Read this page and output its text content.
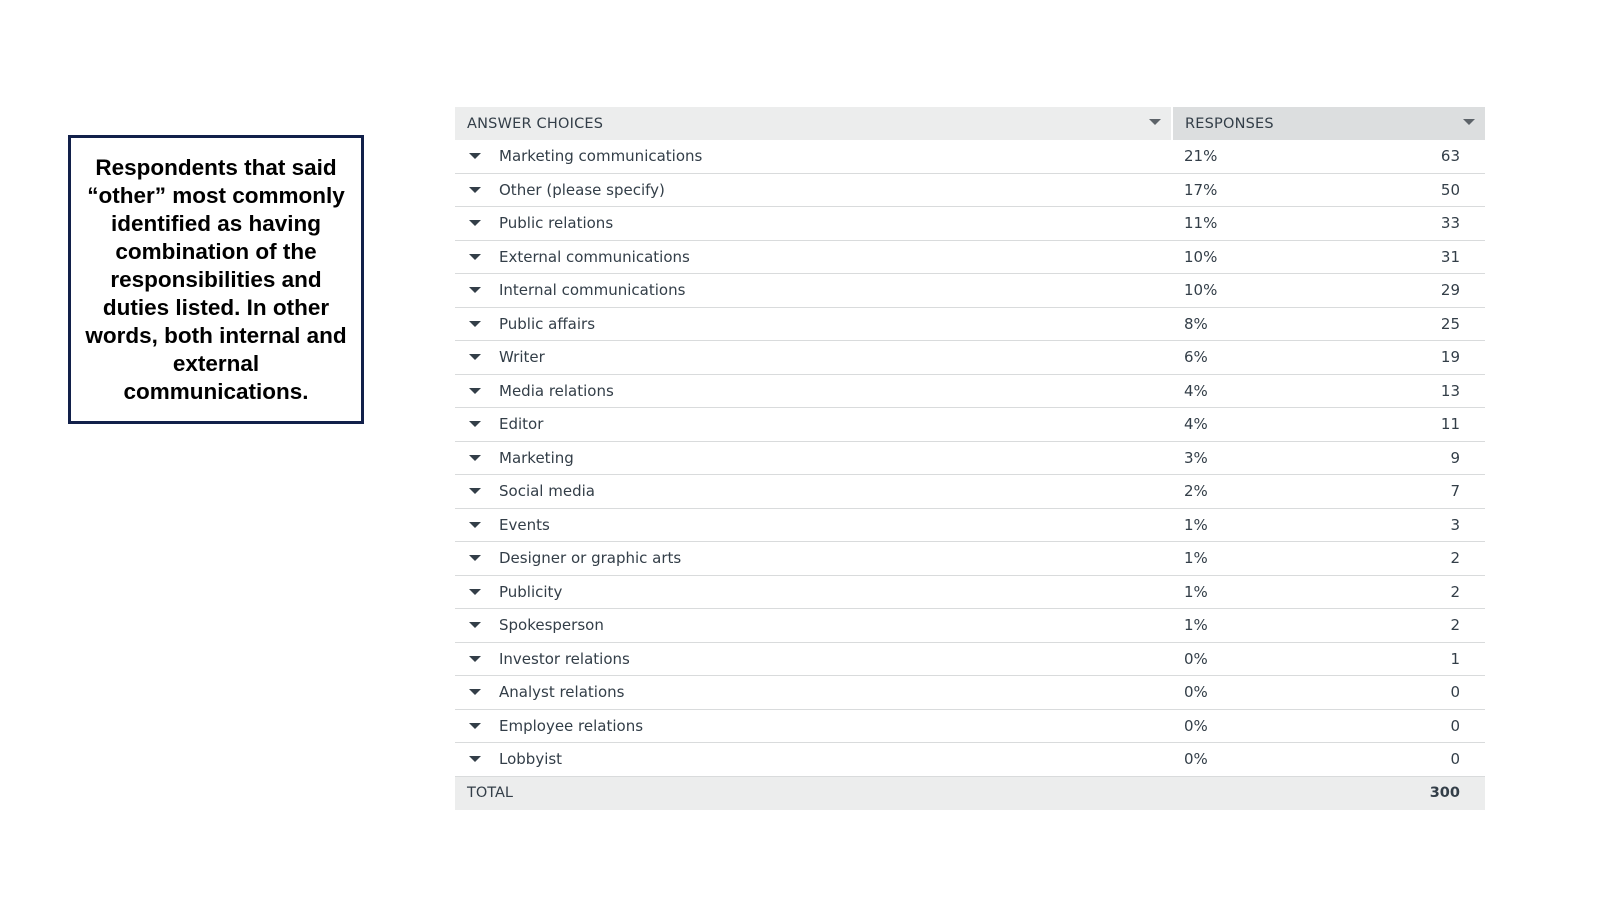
Respondents that said “other” most commonly identified as having combination of the responsibilities and duties listed. In other words, both internal and external communications.

ANSWER CHOICES	RESPONSES

Marketing communications	21% 63

Other (please specify)	17% 50

Public relations	11% 33

External communications	10% 31

Internal communications	10% 29

Public affairs	8% 25

Writer	6% 19

Media relations	4% 13

Editor	4% 11

Marketing	3% 9

Social media	2% 7

Events	1% 3

Designer or graphic arts	1% 2

Publicity	1% 2

Spokesperson	1% 2

Investor relations	0% 1

Analyst relations	0% 0

Employee relations	0% 0

Lobbyist	0% 0

TOTAL	300
